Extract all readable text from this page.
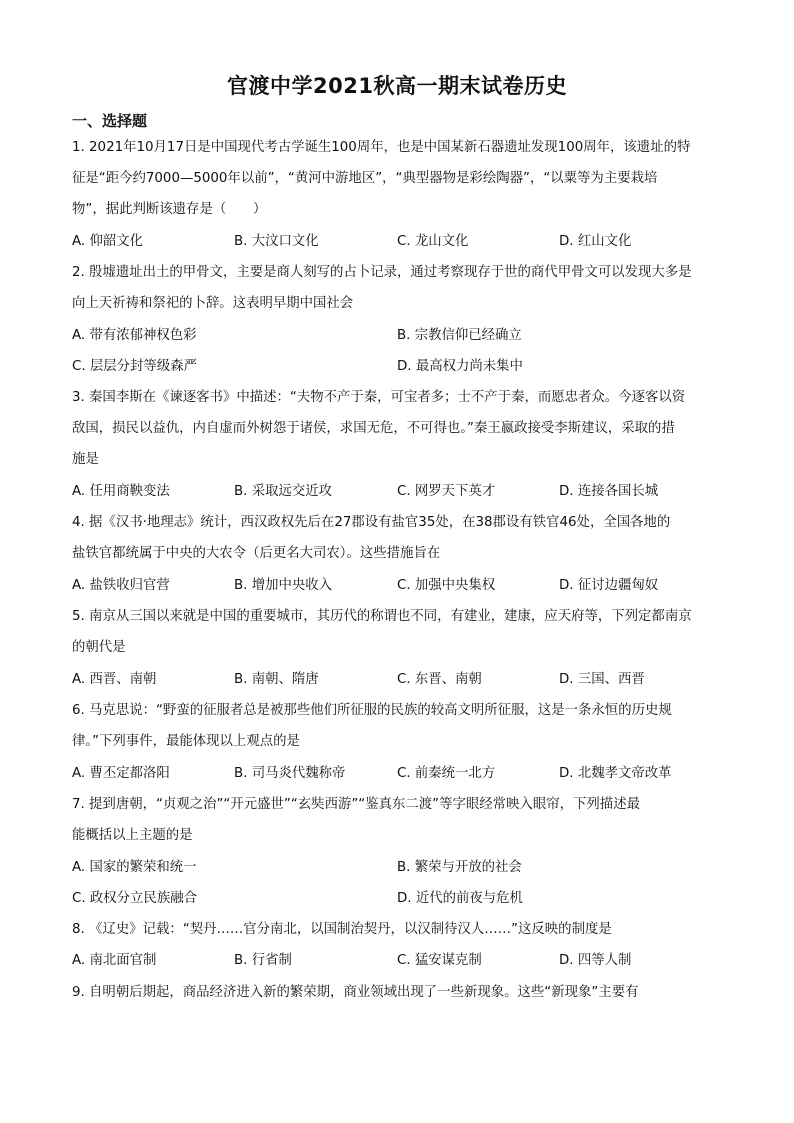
官渡中学2021秋高一期末试卷历史
一、选择题
1. 2021年10月17日是中国现代考古学诞生100周年，也是中国某新石器遗址发现100周年，该遗址的特
征是“距今约7000—5000年以前”，“黄河中游地区”，“典型器物是彩绘陶器”，“以粟等为主要栽培
物”，据此判断该遗存是（　　）
A. 仰韶文化	B. 大汶口文化	C. 龙山文化	D. 红山文化
2. 殷墟遗址出土的甲骨文，主要是商人刻写的占卜记录，通过考察现存于世的商代甲骨文可以发现大多是
向上天祈祷和祭祀的卜辞。这表明早期中国社会
A. 带有浓郁神权色彩	B. 宗教信仰已经确立
C. 层层分封等级森严	D. 最高权力尚未集中
3. 秦国李斯在《谏逐客书》中描述：“夫物不产于秦，可宝者多；士不产于秦，而愿忠者众。今逐客以资
敌国，损民以益仇，内自虚而外树怨于诸侯，求国无危，不可得也。”秦王嬴政接受李斯建议，采取的措
施是
A. 任用商鞅变法	B. 采取远交近攻	C. 网罗天下英才	D. 连接各国长城
4. 据《汉书·地理志》统计，西汉政权先后在27郡设有盐官35处，在38郡设有铁官46处，全国各地的
盐铁官都统属于中央的大农令（后更名大司农）。这些措施旨在
A. 盐铁收归官营	B. 增加中央收入	C. 加强中央集权	D. 征讨边疆匈奴
5. 南京从三国以来就是中国的重要城市，其历代的称谓也不同，有建业，建康，应天府等，下列定都南京
的朝代是
A. 西晋、南朝	B. 南朝、隋唐	C. 东晋、南朝	D. 三国、西晋
6. 马克思说：“野蛮的征服者总是被那些他们所征服的民族的较高文明所征服，这是一条永恒的历史规
律。”下列事件，最能体现以上观点的是
A. 曹丕定都洛阳	B. 司马炎代魏称帝	C. 前秦统一北方	D. 北魏孝文帝改革
7. 提到唐朝，“贞观之治”“开元盛世”“玄奘西游”“鉴真东二渡”等字眼经常映入眼帘，下列描述最
能概括以上主题的是
A. 国家的繁荣和统一	B. 繁荣与开放的社会
C. 政权分立民族融合	D. 近代的前夜与危机
8. 《辽史》记载：“契丹……官分南北，以国制治契丹，以汉制待汉人……”这反映的制度是
A. 南北面官制	B. 行省制	C. 猛安谋克制	D. 四等人制
9. 自明朝后期起，商品经济进入新的繁荣期，商业领域出现了一些新现象。这些“新现象”主要有
